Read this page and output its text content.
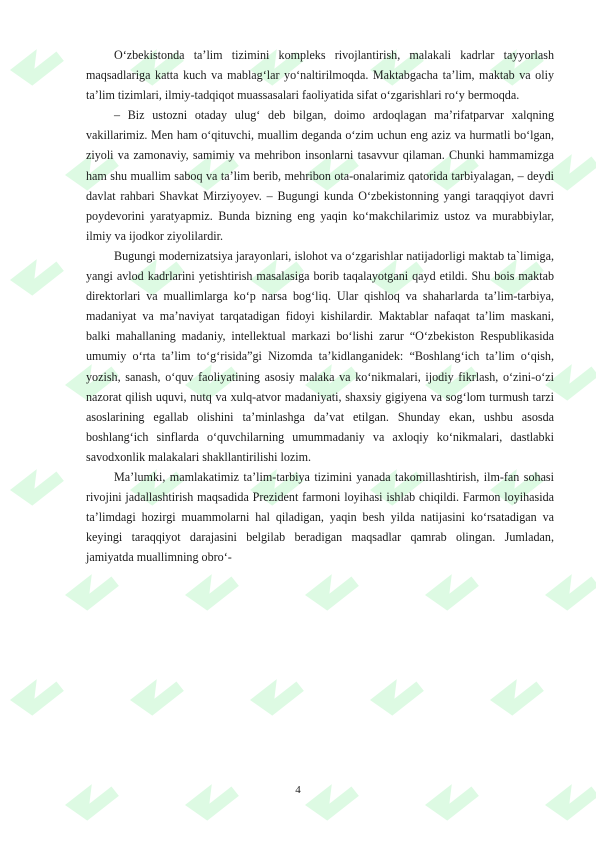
O‘zbekistonda ta’lim tizimini kompleks rivojlantirish, malakali kadrlar tayyorlash maqsadlariga katta kuch va mablag‘lar yo‘naltirilmoqda. Maktabgacha ta’lim, maktab va oliy ta’lim tizimlari, ilmiy-tadqiqot muassasalari faoliyatida sifat o‘zgarishlari ro‘y bermoqda.

– Biz ustozni otaday ulug‘ deb bilgan, doimo ardoqlagan ma’rifatparvar xalqning vakillarimiz. Men ham o‘qituvchi, muallim deganda o‘zim uchun eng aziz va hurmatli bo‘lgan, ziyoli va zamonaviy, samimiy va mehribon insonlarni tasavvur qilaman. Chunki hammamizga ham shu muallim saboq va ta’lim berib, mehribon ota-onalarimiz qatorida tarbiyalagan, – deydi davlat rahbari Shavkat Mirziyoyev. – Bugungi kunda O‘zbekistonning yangi taraqqiyot davri poydevorini yaratyapmiz. Bunda bizning eng yaqin ko‘makchilarimiz ustoz va murabbiylar, ilmiy va ijodkor ziyolilardir.

Bugungi modernizatsiya jarayonlari, islohot va o‘zgarishlar natijadorligi maktab ta`limiga, yangi avlod kadrlarini yetishtirish masalasiga borib taqalayotgani qayd etildi. Shu bois maktab direktorlari va muallimlarga ko‘p narsa bog‘liq. Ular qishloq va shaharlarda ta’lim-tarbiya, madaniyat va ma’naviyat tarqatadigan fidoyi kishilardir. Maktablar nafaqat ta’lim maskani, balki mahallaning madaniy, intellektual markazi bo‘lishi zarur “O‘zbekiston Respublikasida umumiy o‘rta ta’lim to‘g‘risida”gi Nizomda ta’kidlanganidek: “Boshlang‘ich ta’lim o‘qish, yozish, sanash, o‘quv faoliyatining asosiy malaka va ko‘nikmalari, ijodiy fikrlash, o‘zini-o‘zi nazorat qilish uquvi, nutq va xulq-atvor madaniyati, shaxsiy gigiyena va sog‘lom turmush tarzi asoslarining egallab olishini ta’minlashga da’vat etilgan. Shunday ekan, ushbu asosda boshlang‘ich sinflarda o‘quvchilarning umummadaniy va axloqiy ko‘nikmalari, dastlabki savodxonlik malakalari shakllantirilishi lozim.

Ma’lumki, mamlakatimiz ta’lim-tarbiya tizimini yanada takomillashtirish, ilm-fan sohasi rivojini jadallashtirish maqsadida Prezident farmoni loyihasi ishlab chiqildi. Farmon loyihasida ta’limdagi hozirgi muammolarni hal qiladigan, yaqin besh yilda natijasini ko‘rsatadigan va keyingi taraqqiyot darajasini belgilab beradigan maqsadlar qamrab olingan. Jumladan, jamiyatda muallimning obro‘-

4
